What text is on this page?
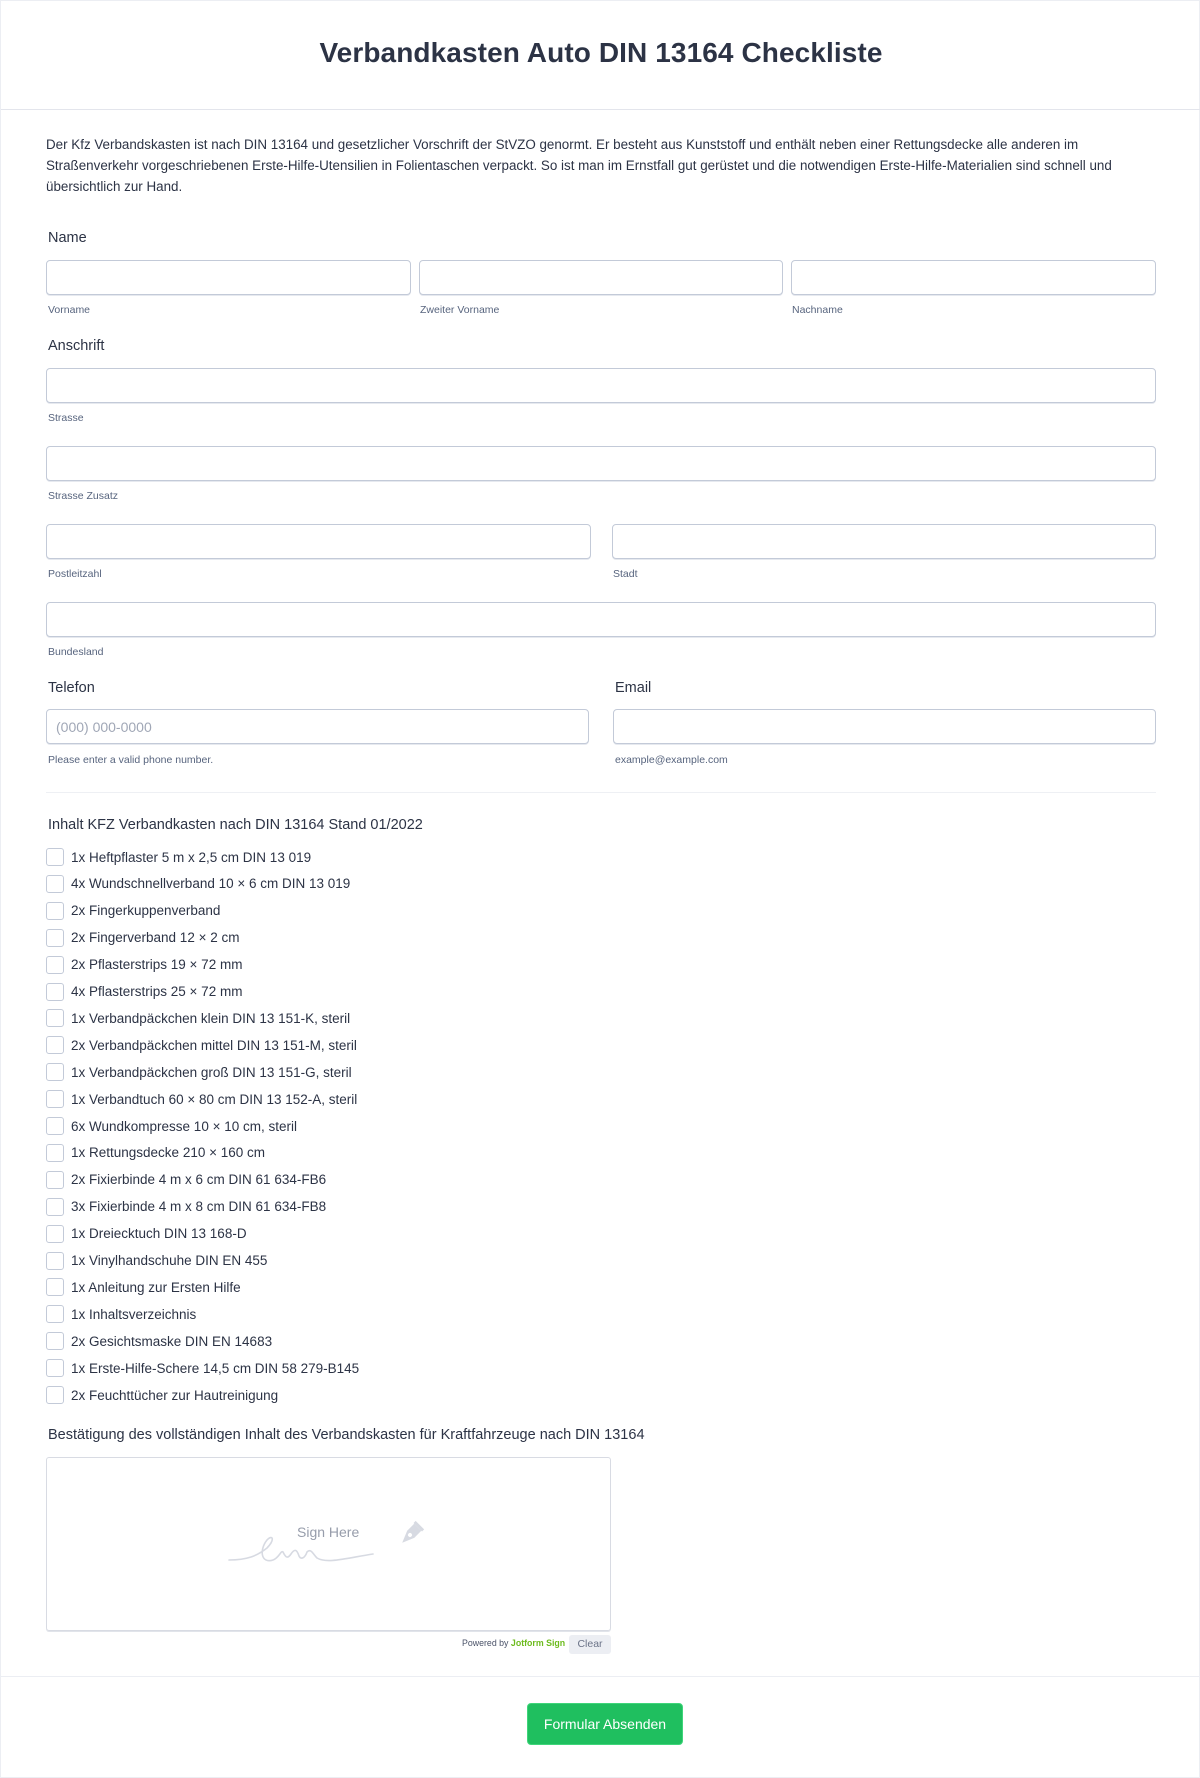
Verbandkasten Auto DIN 13164 Checkliste

Der Kfz Verbandskasten ist nach DIN 13164 und gesetzlicher Vorschrift der StVZO genormt. Er besteht aus Kunststoff und enthält neben einer Rettungsdecke alle anderen im Straßenverkehr vorgeschriebenen Erste-Hilfe-Utensilien in Folientaschen verpackt. So ist man im Ernstfall gut gerüstet und die notwendigen Erste-Hilfe-Materialien sind schnell und übersichtlich zur Hand.

Name
Vorname	Zweiter Vorname	Nachname
Anschrift
Strasse
Strasse Zusatz
Postleitzahl	Stadt
Bundesland
Telefon	Email
(000) 000-0000
Please enter a valid phone number.	example@example.com
Inhalt KFZ Verbandkasten nach DIN 13164 Stand 01/2022
1x Heftpflaster 5 m x 2,5 cm DIN 13 019
4x Wundschnellverband 10 × 6 cm DIN 13 019
2x Fingerkuppenverband
2x Fingerverband 12 × 2 cm
2x Pflasterstrips 19 × 72 mm
4x Pflasterstrips 25 × 72 mm
1x Verbandpäckchen klein DIN 13 151-K, steril
2x Verbandpäckchen mittel DIN 13 151-M, steril
1x Verbandpäckchen groß DIN 13 151-G, steril
1x Verbandtuch 60 × 80 cm DIN 13 152-A, steril
6x Wundkompresse 10 × 10 cm, steril
1x Rettungsdecke 210 × 160 cm
2x Fixierbinde 4 m x 6 cm DIN 61 634-FB6
3x Fixierbinde 4 m x 8 cm DIN 61 634-FB8
1x Dreiecktuch DIN 13 168-D
1x Vinylhandschuhe DIN EN 455
1x Anleitung zur Ersten Hilfe
1x Inhaltsverzeichnis
2x Gesichtsmaske DIN EN 14683
1x Erste-Hilfe-Schere 14,5 cm DIN 58 279-B145
2x Feuchttücher zur Hautreinigung
Bestätigung des vollständigen Inhalt des Verbandskasten für Kraftfahrzeuge nach DIN 13164
Sign Here
Powered by Jotform Sign	Clear
Formular Absenden
